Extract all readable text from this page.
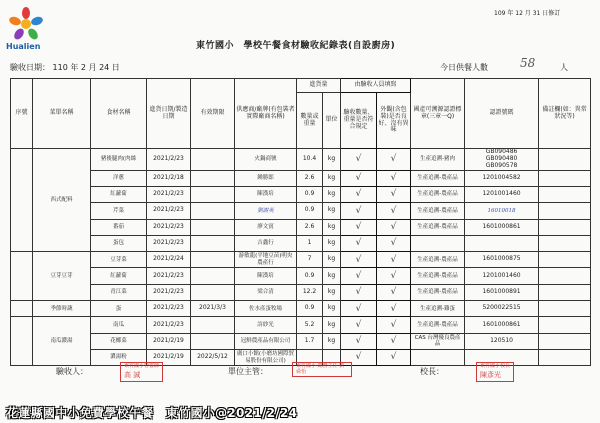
Hualien
109 年 12 月 31 日修訂
東竹國小　學校午餐食材驗收紀錄表(自設廚房)
驗收日期： 110 年 2 月 24 日	今日供餐人數	58	人
序號	菜單名稱	食材名稱	進貨日期/製造日期	有效期限	供應商/廠牌(有包裝者實際廠商名稱)	進貨量		由驗收人員填寫		國產可溯源認證標章(三章一Q)	認證號碼	備註欄(如：異常狀況等)
						數量或重量	單位	驗收數量、重量是否符合規定	外觀(含包裝)是否良好、沒有異味			
	西式配料	豬後腿肉(肉絲	2021/2/23		火鍋商號	10.4	kg	√	√	生產追溯-豬肉	GB090486
GB090480
GB090578	
		洋蔥	2021/2/18		鍾勝郎	2.6	kg	√	√	生產追溯-農產品	1201004582	
		紅蘿蔔	2021/2/23		陳漢培	0.9	kg	√	√	生產追溯-農產品	1201001460	
		芹菜	2021/2/23		劉謝英	0.9	kg	√	√	生產追溯-農產品	16010018	
		番茄	2021/2/23		廖文賓	2.6	kg	√	√	生產追溯-農產品	1601000861	
		蛋包	2021/2/23		吉鑫行	1	kg	√	√			
	豆芽豆芽	豆芽菜	2021/2/24		游敏龍(平地豆苗)明央農產行	7	kg	√	√	生產追溯-農產品	1601000875	
		紅蘿蔔	2021/2/23		陳漢培	0.9	kg	√	√	生產追溯-農產品	1201001460	
		青江菜	2021/2/23		梁合清	12.2	kg	√	√	生產追溯-農產品	1601000891	
	季節時蔬	蛋	2021/2/23	2021/3/3	佐水產蛋牧場	0.9	kg	√	√	生產追溯-雞蛋	5200022515	
	南瓜濃湯	南瓜	2021/2/23		詩紗光	5.2	kg	√	√	生產追溯-農產品	1601000861	
		花椰菜	2021/2/19		冠鮮農產品有限公司	1.7	kg	√	√	CAS 台灣優良農產品	120510	
		濃湯粉	2021/2/19	2022/5/12	廣口小館(小磨坊國際貿易股份有限公司)			√	√			
驗收人：
東竹國小營養師
高 誠	單位主管：
東竹國小 總務主任 劉舜怡	校長：
東竹國小校長
陳彥光
花蓮縣國中小免費學校午餐　東竹國小@2021/2/24
